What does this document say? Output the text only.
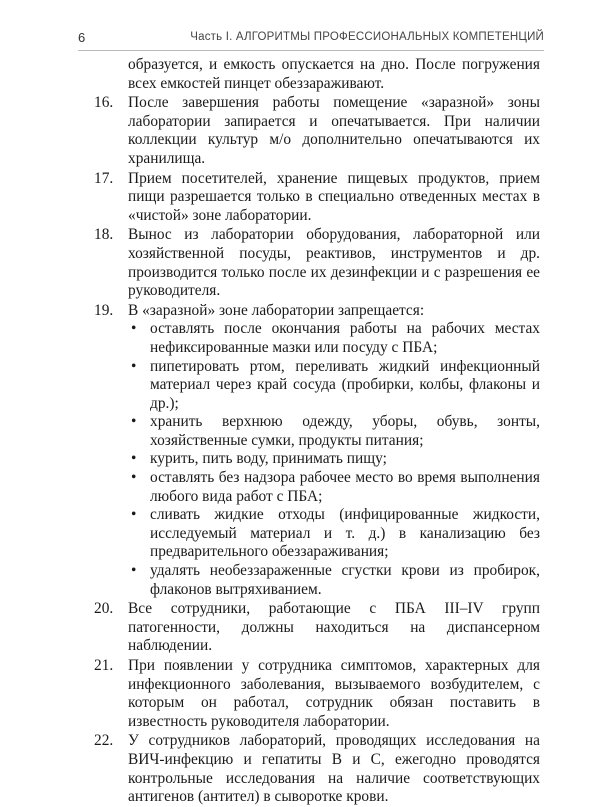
6	Часть I. АЛГОРИТМЫ ПРОФЕССИОНАЛЬНЫХ КОМПЕТЕНЦИЙ
образуется, и емкость опускается на дно. После погружения всех емкостей пинцет обеззараживают.
16. После завершения работы помещение «заразной» зоны лаборатории запирается и опечатывается. При наличии коллекции культур м/о дополнительно опечатываются их хранилища.
17. Прием посетителей, хранение пищевых продуктов, прием пищи разрешается только в специально отведенных местах в «чистой» зоне лаборатории.
18. Вынос из лаборатории оборудования, лабораторной или хозяйственной посуды, реактивов, инструментов и др. производится только после их дезинфекции и с разрешения ее руководителя.
19. В «заразной» зоне лаборатории запрещается:
• оставлять после окончания работы на рабочих местах нефиксированные мазки или посуду с ПБА;
• пипетировать ртом, переливать жидкий инфекционный материал через край сосуда (пробирки, колбы, флаконы и др.);
• хранить верхнюю одежду, уборы, обувь, зонты, хозяйственные сумки, продукты питания;
• курить, пить воду, принимать пищу;
• оставлять без надзора рабочее место во время выполнения любого вида работ с ПБА;
• сливать жидкие отходы (инфицированные жидкости, исследуемый материал и т. д.) в канализацию без предварительного обеззараживания;
• удалять необеззараженные сгустки крови из пробирок, флаконов вытряхиванием.
20. Все сотрудники, работающие с ПБА III–IV групп патогенности, должны находиться на диспансерном наблюдении.
21. При появлении у сотрудника симптомов, характерных для инфекционного заболевания, вызываемого возбудителем, с которым он работал, сотрудник обязан поставить в известность руководителя лаборатории.
22. У сотрудников лабораторий, проводящих исследования на ВИЧ-инфекцию и гепатиты B и C, ежегодно проводятся контрольные исследования на наличие соответствующих антигенов (антител) в сыворотке крови.
